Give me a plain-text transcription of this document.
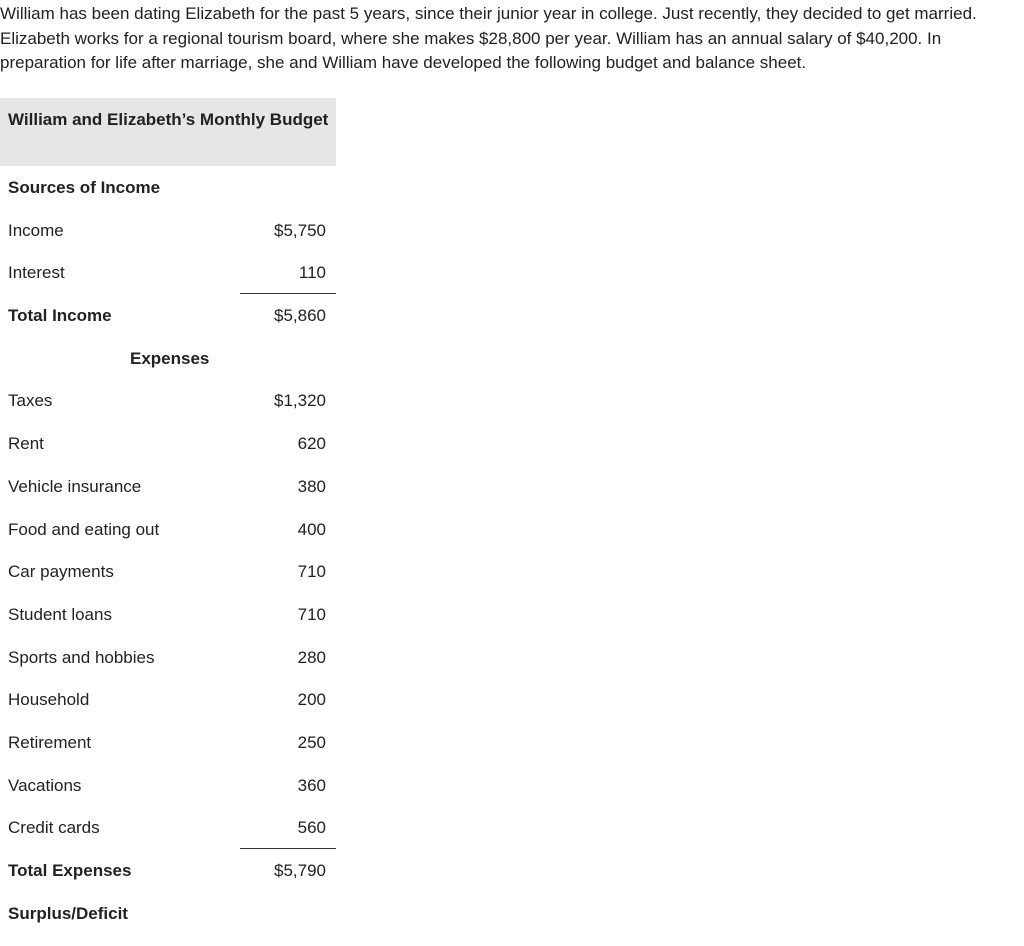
William has been dating Elizabeth for the past 5 years, since their junior year in college. Just recently, they decided to get married. Elizabeth works for a regional tourism board, where she makes $28,800 per year. William has an annual salary of $40,200. In preparation for life after marriage, she and William have developed the following budget and balance sheet.

William and Elizabeth’s Monthly Budget
Sources of Income
Income	$5,750
Interest	110
Total Income	$5,860
Expenses
Taxes	$1,320
Rent	620
Vehicle insurance	380
Food and eating out	400
Car payments	710
Student loans	710
Sports and hobbies	280
Household	200
Retirement	250
Vacations	360
Credit cards	560
Total Expenses	$5,790
Surplus/Deficit
